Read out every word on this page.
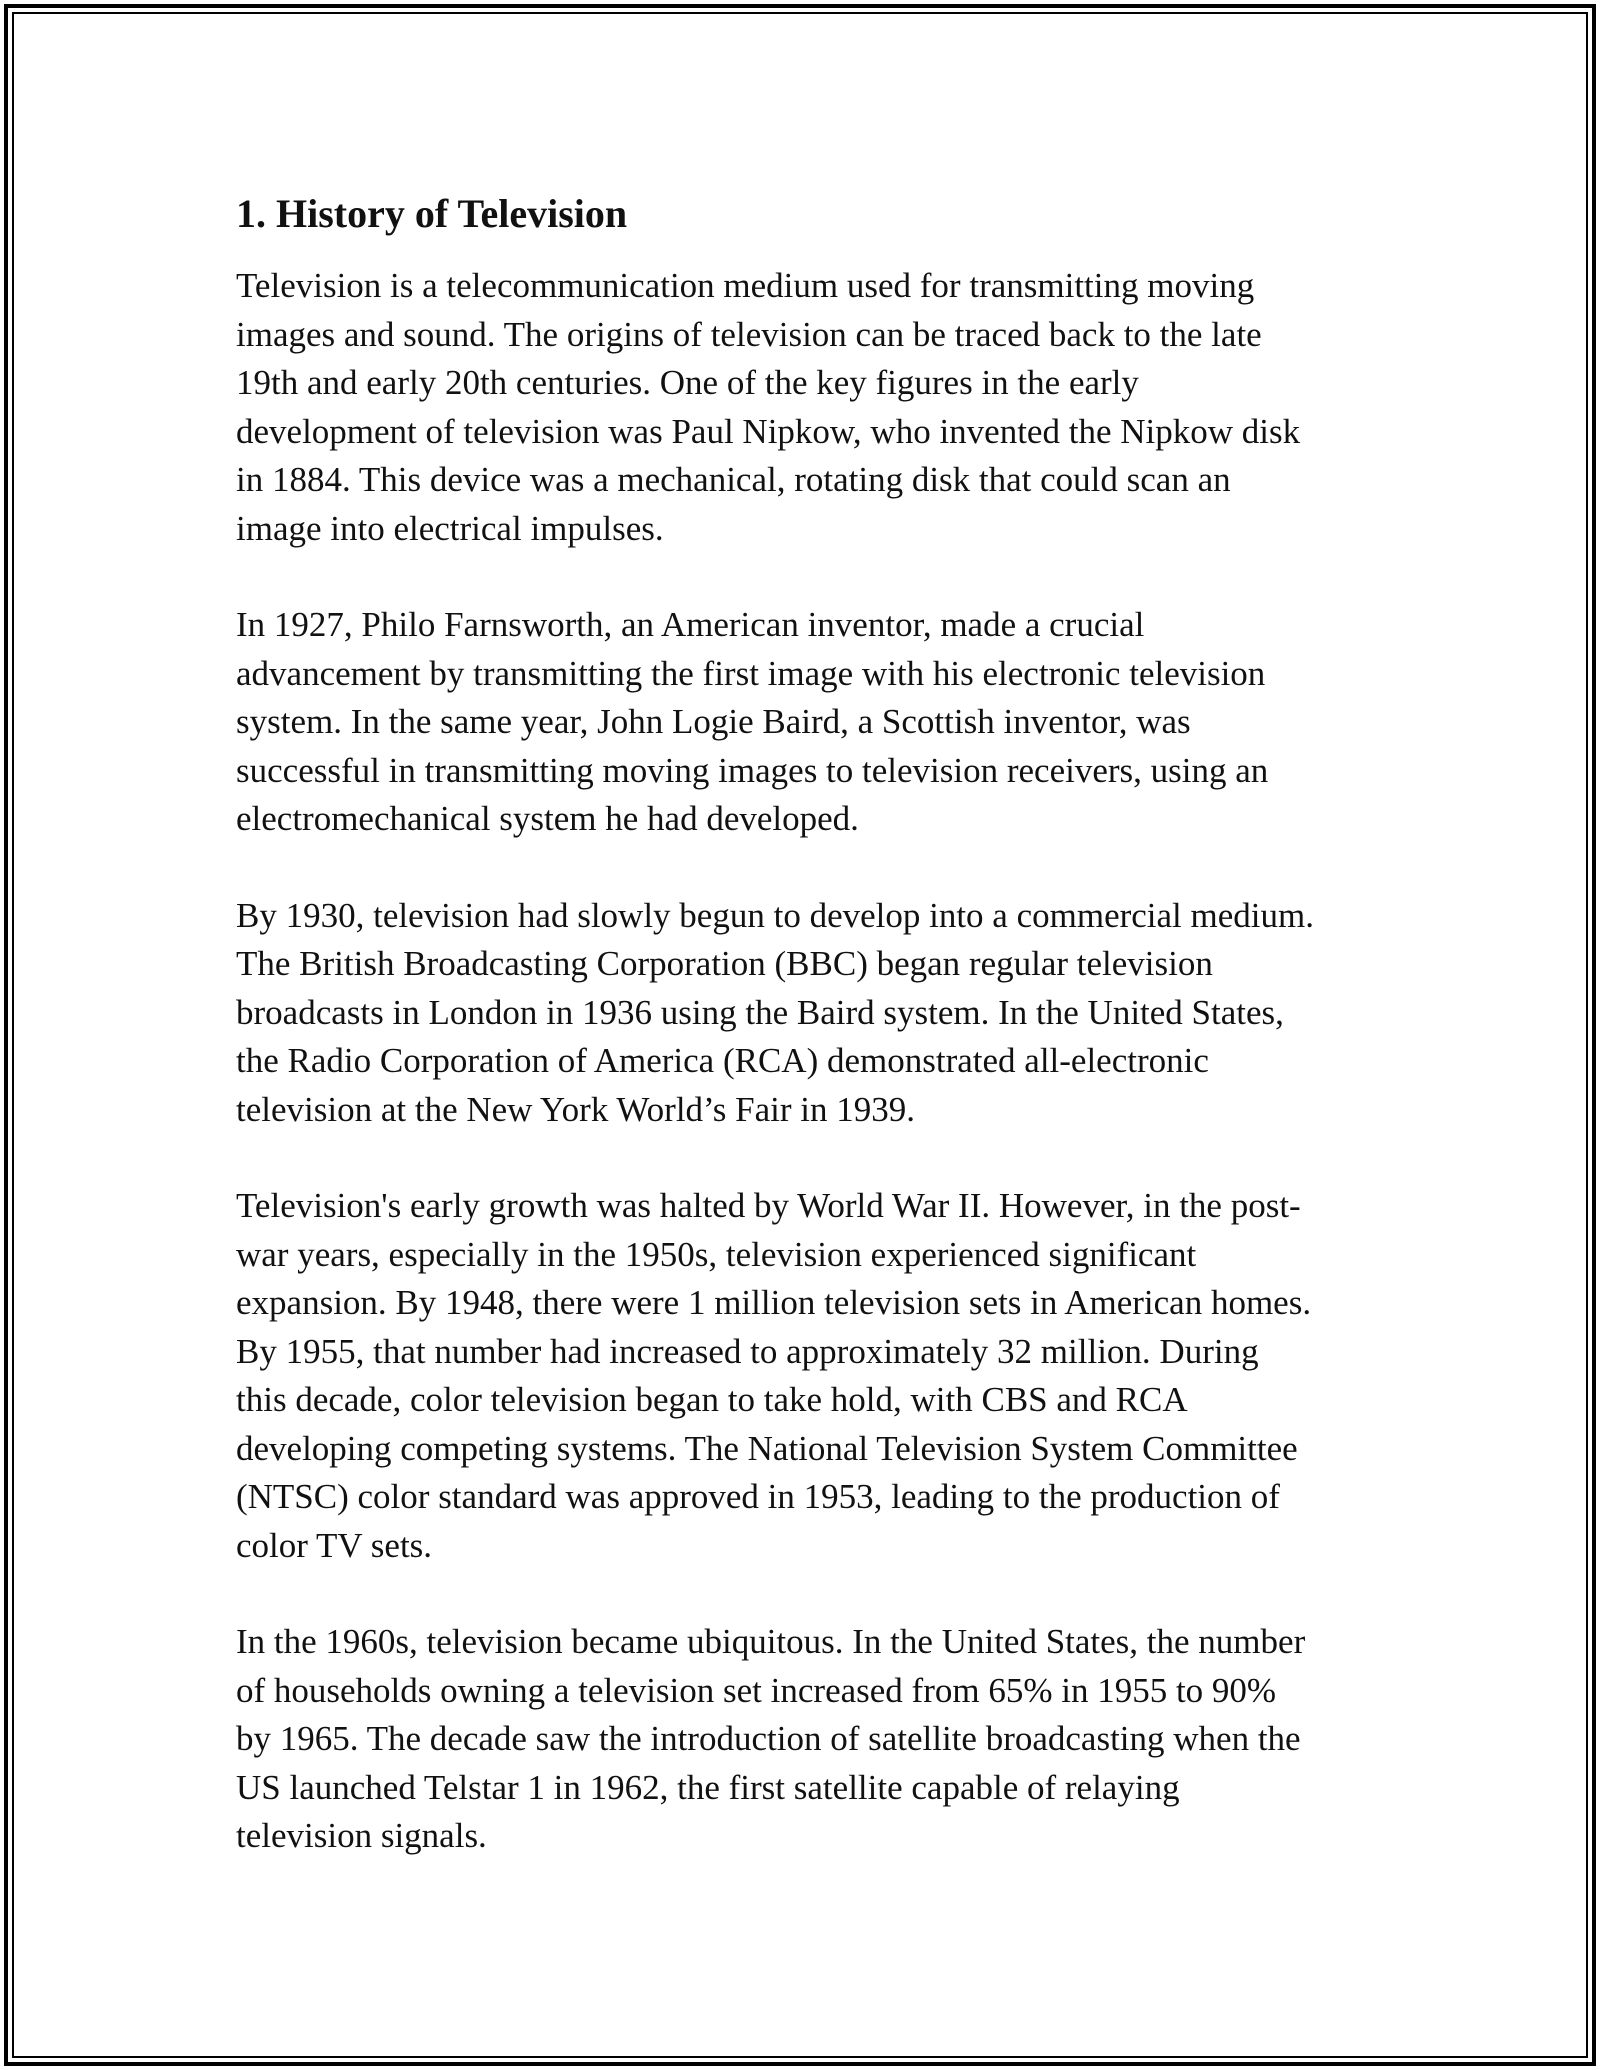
1. History of Television
Television is a telecommunication medium used for transmitting moving
images and sound. The origins of television can be traced back to the late
19th and early 20th centuries. One of the key figures in the early
development of television was Paul Nipkow, who invented the Nipkow disk
in 1884. This device was a mechanical, rotating disk that could scan an
image into electrical impulses.
In 1927, Philo Farnsworth, an American inventor, made a crucial
advancement by transmitting the first image with his electronic television
system. In the same year, John Logie Baird, a Scottish inventor, was
successful in transmitting moving images to television receivers, using an
electromechanical system he had developed.
By 1930, television had slowly begun to develop into a commercial medium.
The British Broadcasting Corporation (BBC) began regular television
broadcasts in London in 1936 using the Baird system. In the United States,
the Radio Corporation of America (RCA) demonstrated all-electronic
television at the New York World’s Fair in 1939.
Television's early growth was halted by World War II. However, in the post-
war years, especially in the 1950s, television experienced significant
expansion. By 1948, there were 1 million television sets in American homes.
By 1955, that number had increased to approximately 32 million. During
this decade, color television began to take hold, with CBS and RCA
developing competing systems. The National Television System Committee
(NTSC) color standard was approved in 1953, leading to the production of
color TV sets.
In the 1960s, television became ubiquitous. In the United States, the number
of households owning a television set increased from 65% in 1955 to 90%
by 1965. The decade saw the introduction of satellite broadcasting when the
US launched Telstar 1 in 1962, the first satellite capable of relaying
television signals.
